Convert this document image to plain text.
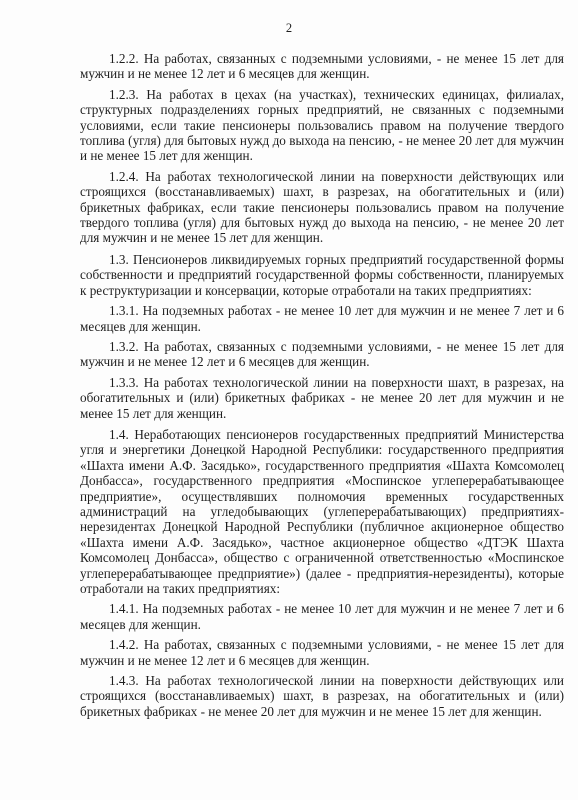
2

1.2.2. На работах, связанных с подземными условиями, - не менее 15 лет для мужчин и не менее 12 лет и 6 месяцев для женщин.

1.2.3. На работах в цехах (на участках), технических единицах, филиалах, структурных подразделениях горных предприятий, не связанных с подземными условиями, если такие пенсионеры пользовались правом на получение твердого топлива (угля) для бытовых нужд до выхода на пенсию, - не менее 20 лет для мужчин и не менее 15 лет для женщин.

1.2.4. На работах технологической линии на поверхности действующих или строящихся (восстанавливаемых) шахт, в разрезах, на обогатительных и (или) брикетных фабриках, если такие пенсионеры пользовались правом на получение твердого топлива (угля) для бытовых нужд до выхода на пенсию, - не менее 20 лет для мужчин и не менее 15 лет для женщин.

1.3. Пенсионеров ликвидируемых горных предприятий государственной формы собственности и предприятий государственной формы собственности, планируемых к реструктуризации и консервации, которые отработали на таких предприятиях:

1.3.1. На подземных работах - не менее 10 лет для мужчин и не менее 7 лет и 6 месяцев для женщин.

1.3.2. На работах, связанных с подземными условиями, - не менее 15 лет для мужчин и не менее 12 лет и 6 месяцев для женщин.

1.3.3. На работах технологической линии на поверхности шахт, в разрезах, на обогатительных и (или) брикетных фабриках - не менее 20 лет для мужчин и не менее 15 лет для женщин.

1.4. Неработающих пенсионеров государственных предприятий Министерства угля и энергетики Донецкой Народной Республики: государственного предприятия «Шахта имени А.Ф. Засядько», государственного предприятия «Шахта Комсомолец Донбасса», государственного предприятия «Моспинское углеперерабатывающее предприятие», осуществлявших полномочия временных государственных администраций на угледобывающих (углеперерабатывающих) предприятиях-нерезидентах Донецкой Народной Республики (публичное акционерное общество «Шахта имени А.Ф. Засядько», частное акционерное общество «ДТЭК Шахта Комсомолец Донбасса», общество с ограниченной ответственностью «Моспинское углеперерабатывающее предприятие») (далее - предприятия-нерезиденты), которые отработали на таких предприятиях:

1.4.1. На подземных работах - не менее 10 лет для мужчин и не менее 7 лет и 6 месяцев для женщин.

1.4.2. На работах, связанных с подземными условиями, - не менее 15 лет для мужчин и не менее 12 лет и 6 месяцев для женщин.

1.4.3. На работах технологической линии на поверхности действующих или строящихся (восстанавливаемых) шахт, в разрезах, на обогатительных и (или) брикетных фабриках - не менее 20 лет для мужчин и не менее 15 лет для женщин.
